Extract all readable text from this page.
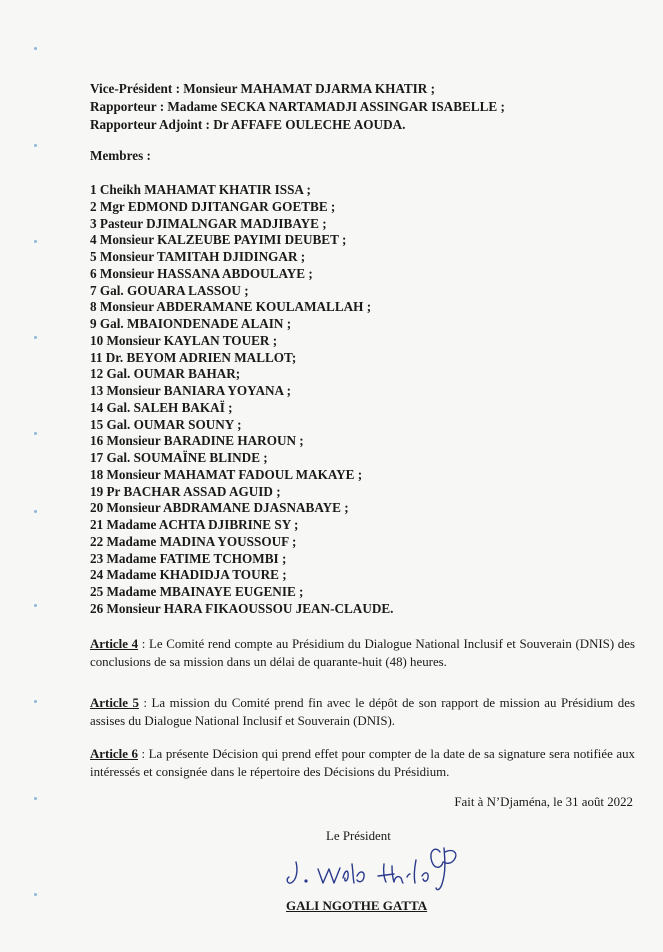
Vice-Président : Monsieur MAHAMAT DJARMA KHATIR ;
Rapporteur : Madame SECKA NARTAMADJI ASSINGAR ISABELLE ;
Rapporteur Adjoint : Dr AFFAFE OULECHE AOUDA.
Membres :
1 Cheikh MAHAMAT KHATIR ISSA ;
2 Mgr EDMOND DJITANGAR GOETBE ;
3 Pasteur DJIMALNGAR MADJIBAYE ;
4 Monsieur KALZEUBE PAYIMI DEUBET ;
5 Monsieur TAMITAH DJIDINGAR ;
6 Monsieur HASSANA ABDOULAYE ;
7 Gal. GOUARA LASSOU ;
8 Monsieur ABDERAMANE KOULAMALLAH ;
9 Gal. MBAIONDENADE ALAIN ;
10 Monsieur KAYLAN TOUER ;
11 Dr. BEYOM ADRIEN MALLOT;
12 Gal. OUMAR BAHAR;
13 Monsieur BANIARA YOYANA ;
14 Gal. SALEH BAKAÏ ;
15 Gal. OUMAR SOUNY ;
16 Monsieur BARADINE HAROUN ;
17 Gal. SOUMAÏNE BLINDE ;
18 Monsieur MAHAMAT FADOUL MAKAYE ;
19 Pr BACHAR ASSAD AGUID ;
20 Monsieur ABDRAMANE DJASNABAYE ;
21 Madame ACHTA DJIBRINE SY ;
22 Madame MADINA YOUSSOUF ;
23 Madame FATIME TCHOMBI ;
24 Madame KHADIDJA TOURE ;
25 Madame MBAINAYE EUGENIE ;
26 Monsieur HARA FIKAOUSSOU JEAN-CLAUDE.

Article 4 : Le Comité rend compte au Présidium du Dialogue National Inclusif et Souverain (DNIS) des conclusions de sa mission dans un délai de quarante-huit (48) heures.

Article 5 : La mission du Comité prend fin avec le dépôt de son rapport de mission au Présidium des assises du Dialogue National Inclusif et Souverain (DNIS).

Article 6 : La présente Décision qui prend effet pour compter de la date de sa signature sera notifiée aux intéressés et consignée dans le répertoire des Décisions du Présidium.

Fait à N’Djaména, le 31 août 2022
Le Président
GALI NGOTHE GATTA
